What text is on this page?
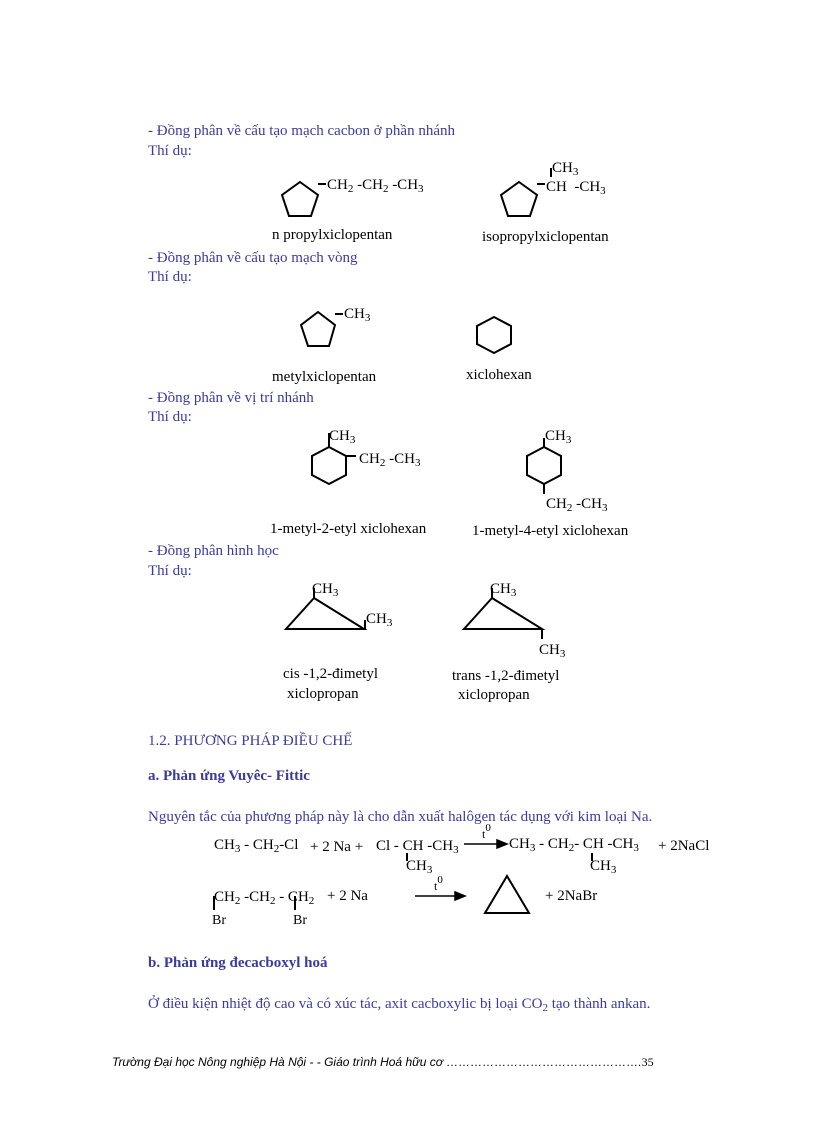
- Đồng phân về cấu tạo mạch cacbon ở phần nhánh
Thí dụ:
- Đồng phân về cấu tạo mạch vòng
Thí dụ:
- Đồng phân về vị trí nhánh
Thí dụ:
- Đồng phân hình học
Thí dụ:
$CH_2$ $-CH_2$ $-CH_3$
$CH_3$
CH  $-CH_3$
n propylxiclopentan	isopropylxiclopentan
$CH_3$
metylxiclopentan	xiclohexan
$CH_3$
$CH_2$ $-CH_3$
$CH_3$
$CH_2$ $-CH_3$
1-metyl-2-etyl xiclohexan	1-metyl-4-etyl xiclohexan
$CH_3$
$CH_3$
$CH_3$
$CH_3$
cis -1,2-đimetyl
xiclopropan
trans -1,2-đimetyl
xiclopropan
1.2. PHƯƠNG PHÁP ĐIỀU CHẾ
a. Phản ứng Vuyêc- Fittic
Nguyên tắc của phương pháp này là cho dẫn xuất halôgen tác dụng với kim loại Na.
$CH_3 - CH_2-Cl + 2$ Na + Cl - CH $-CH_3$
$CH_3$
$t^0$
$CH_3 - CH_2-$ CH $-CH_3$
$CH_3$
+ 2NaCl
$CH_2$ $-CH_2 - CH_2 + 2$ Na
Br	Br
$t^0$
+ 2NaBr
b. Phản ứng đecacboxyl hoá
Ở điều kiện nhiệt độ cao và có xúc tác, axit cacboxylic bị loại $CO_2$ tạo thành ankan.
Trường Đại học Nông nghiệp Hà Nội - - Giáo trình Hoá hữu cơ ………………………………………….35
